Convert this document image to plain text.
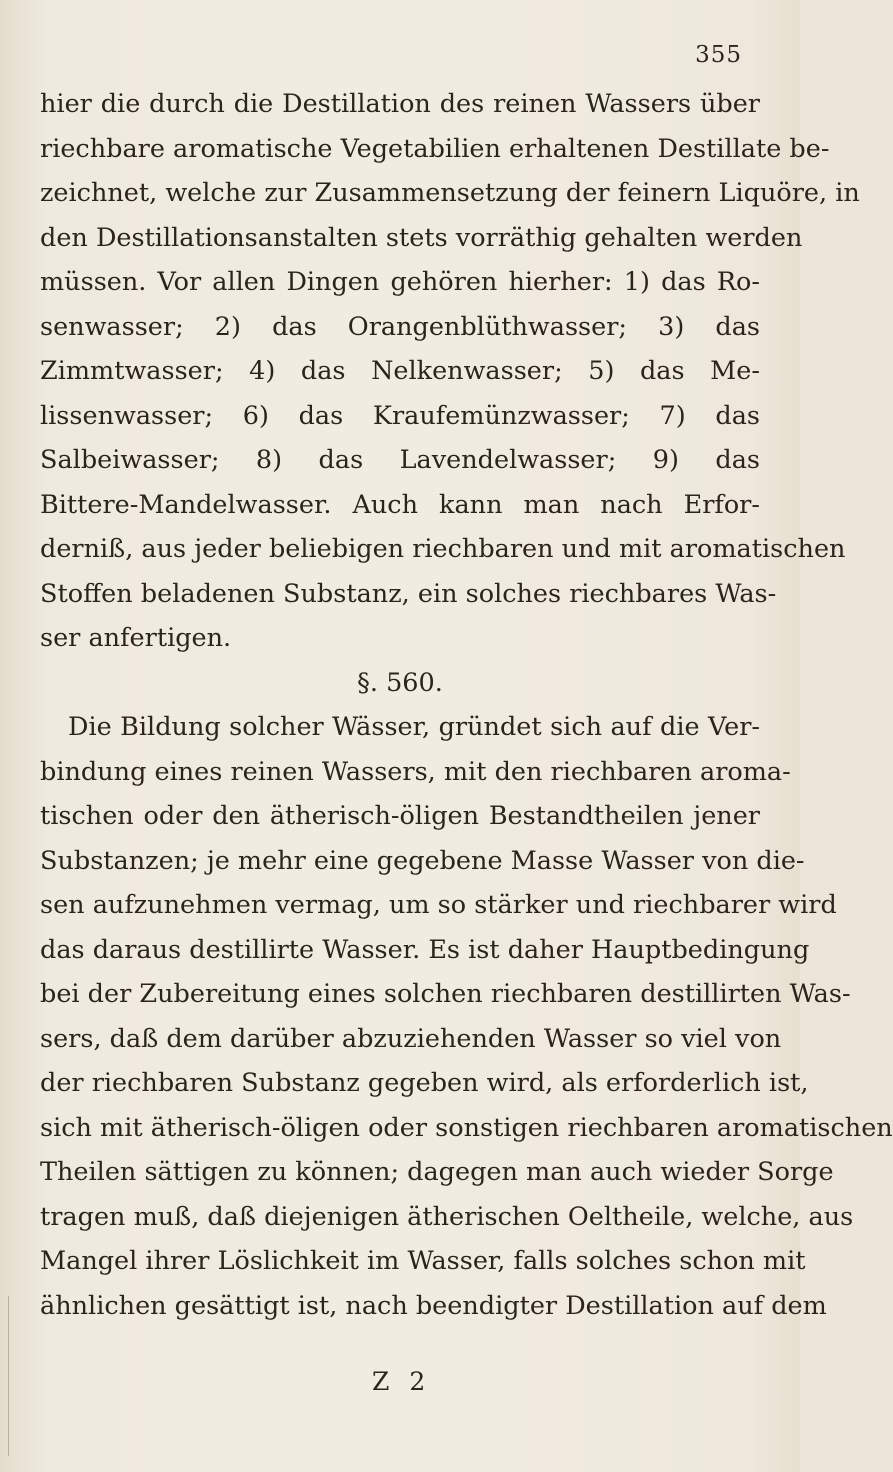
355
hier die durch die Destillation des reinen Wassers über
riechbare aromatische Vegetabilien erhaltenen Destillate be-
zeichnet, welche zur Zusammensetzung der feinern Liquöre, in
den Destillationsanstalten stets vorräthig gehalten werden
müssen. Vor allen Dingen gehören hierher: 1) das Ro-
senwasser; 2) das Orangenblüthwasser; 3) das
Zimmtwasser; 4) das Nelkenwasser; 5) das Me-
lissenwasser; 6) das Kraufemünzwasser; 7) das
Salbeiwasser; 8) das Lavendelwasser; 9) das
Bittere-Mandelwasser. Auch kann man nach Erfor-
derniß, aus jeder beliebigen riechbaren und mit aromatischen
Stoffen beladenen Substanz, ein solches riechbares Was-
ser anfertigen.
§. 560.
Die Bildung solcher Wässer, gründet sich auf die Ver-
bindung eines reinen Wassers, mit den riechbaren aroma-
tischen oder den ätherisch-öligen Bestandtheilen jener
Substanzen; je mehr eine gegebene Masse Wasser von die-
sen aufzunehmen vermag, um so stärker und riechbarer wird
das daraus destillirte Wasser. Es ist daher Hauptbedingung
bei der Zubereitung eines solchen riechbaren destillirten Was-
sers, daß dem darüber abzuziehenden Wasser so viel von
der riechbaren Substanz gegeben wird, als erforderlich ist,
sich mit ätherisch-öligen oder sonstigen riechbaren aromatischen
Theilen sättigen zu können; dagegen man auch wieder Sorge
tragen muß, daß diejenigen ätherischen Oeltheile, welche, aus
Mangel ihrer Löslichkeit im Wasser, falls solches schon mit
ähnlichen gesättigt ist, nach beendigter Destillation auf dem
Z 2
